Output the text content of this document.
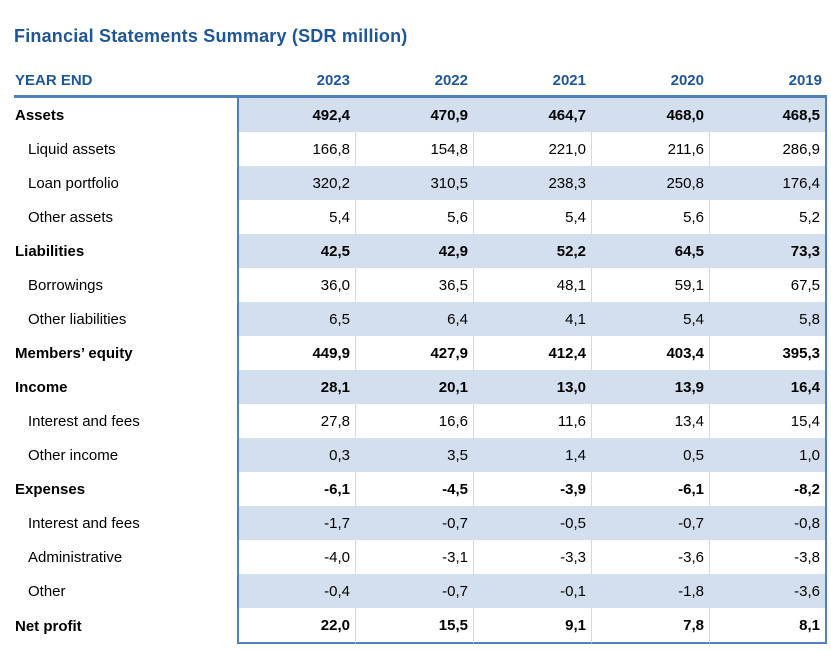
Financial Statements Summary (SDR million)
YEAR END	2023	2022	2021	2020	2019
Assets	492,4	470,9	464,7	468,0	468,5
Liquid assets	166,8	154,8	221,0	211,6	286,9
Loan portfolio	320,2	310,5	238,3	250,8	176,4
Other assets	5,4	5,6	5,4	5,6	5,2
Liabilities	42,5	42,9	52,2	64,5	73,3
Borrowings	36,0	36,5	48,1	59,1	67,5
Other liabilities	6,5	6,4	4,1	5,4	5,8
Members’ equity	449,9	427,9	412,4	403,4	395,3
Income	28,1	20,1	13,0	13,9	16,4
Interest and fees	27,8	16,6	11,6	13,4	15,4
Other income	0,3	3,5	1,4	0,5	1,0
Expenses	-6,1	-4,5	-3,9	-6,1	-8,2
Interest and fees	-1,7	-0,7	-0,5	-0,7	-0,8
Administrative	-4,0	-3,1	-3,3	-3,6	-3,8
Other	-0,4	-0,7	-0,1	-1,8	-3,6
Net profit	22,0	15,5	9,1	7,8	8,1
